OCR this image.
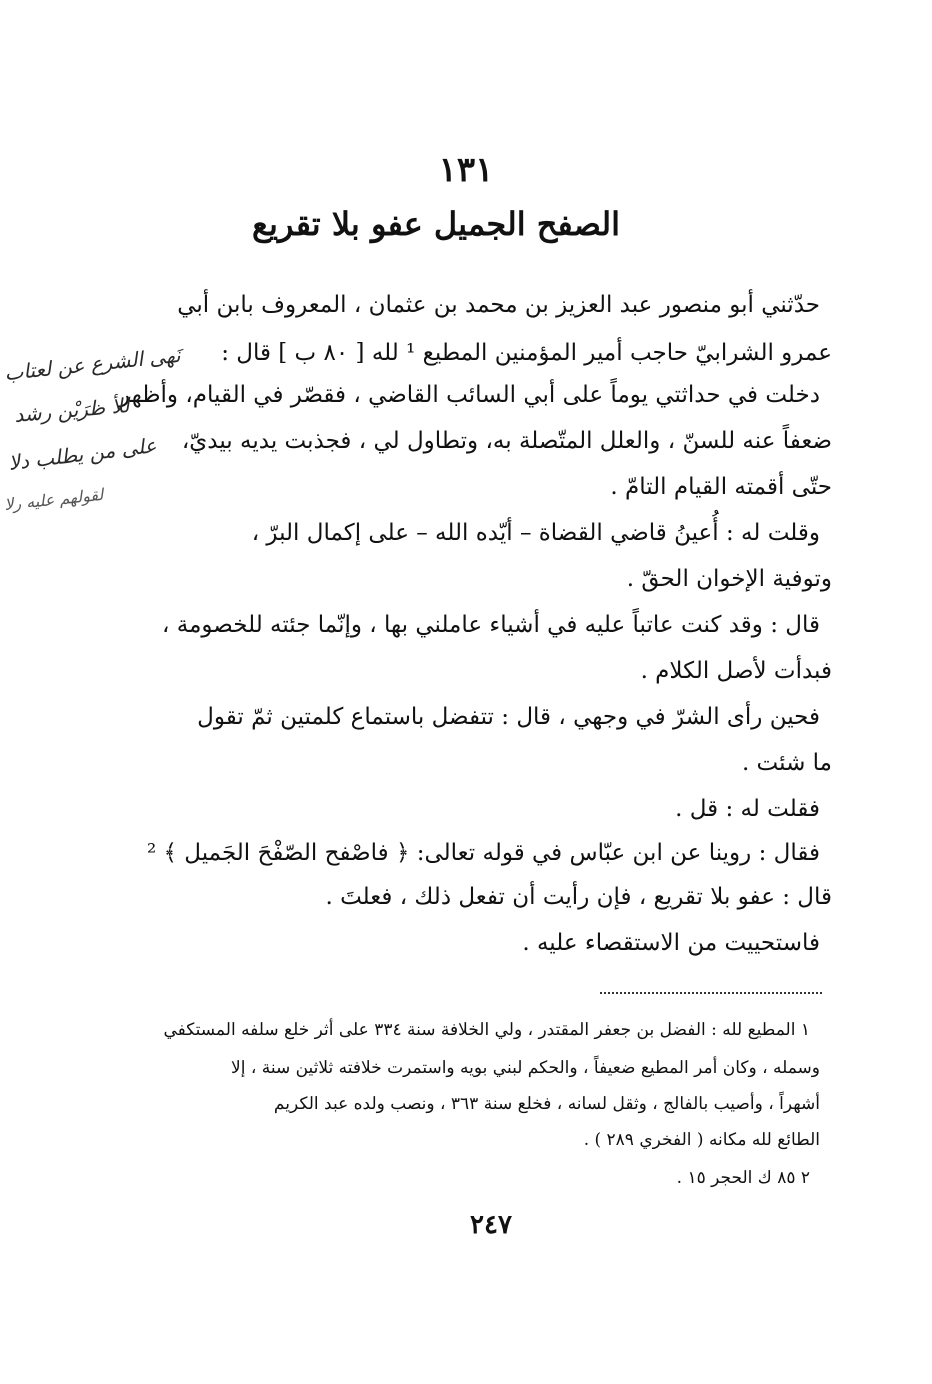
١٣١
الصفح الجميل عفو بلا تقريع
حدّثني أبو منصور عبد العزيز بن محمد بن عثمان ، المعروف بابن أبي
عمرو الشرابيّ حاجب أمير المؤمنين المطيع ¹ لله [ ٨٠ ب ] قال :
دخلت في حداثتي يوماً على أبي السائب القاضي ، فقصّر في القيام، وأظهر
ضعفاً عنه للسنّ ، والعلل المتّصلة به، وتطاول لي ، فجذبت يديه بيديّ،
حتّى أقمته القيام التامّ .
وقلت له : أُعينُ قاضي القضاة – أيّده الله – على إكمال البرّ ،
وتوفية الإخوان الحقّ .
قال : وقد كنت عاتباً عليه في أشياء عاملني بها ، وإنّما جئته للخصومة ،
فبدأت لأصل الكلام .
فحين رأى الشرّ في وجهي ، قال : تتفضل باستماع كلمتين ثمّ تقول
ما شئت .
فقلت له : قل .
فقال : روينا عن ابن عبّاس في قوله تعالى: ﴿ فاصْفح الصّفْحَ الجَميل ﴾ ²
قال : عفو بلا تقريع ، فإن رأيت أن تفعل ذلك ، فعلتَ .
فاستحييت من الاستقصاء عليه .
١ المطيع لله : الفضل بن جعفر المقتدر ، ولي الخلافة سنة ٣٣٤ على أثر خلع سلفه المستكفي
وسمله ، وكان أمر المطيع ضعيفاً ، والحكم لبني بويه واستمرت خلافته ثلاثين سنة ، إلا
أشهراً ، وأصيب بالفالج ، وثقل لسانه ، فخلع سنة ٣٦٣ ، ونصب ولده عبد الكريم
الطائع لله مكانه ( الفخري ٢٨٩ ) .
٢ ٨٥ ك الحجر ١٥ .
٢٤٧
نَهى الشرع عن لعتاب
للأ ظرَيْن رشد
على من يطلب دلا
لقولهم عليه رلا
